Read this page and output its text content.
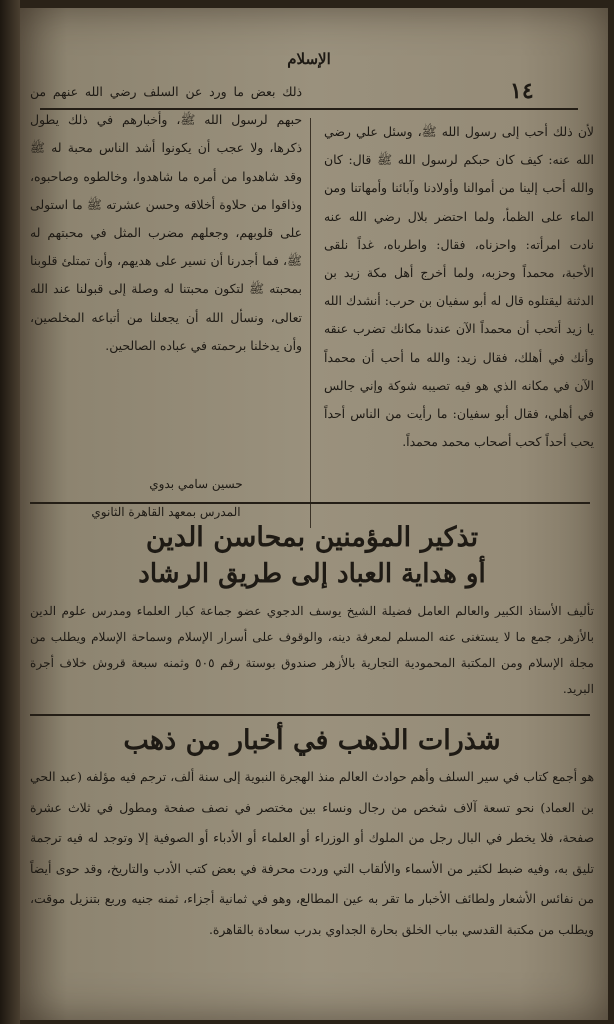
الإسلام
١٤

لأن ذلك أحب إلى رسول الله ﷺ، وسئل علي رضي الله عنه: كيف كان حبكم لرسول الله ﷺ قال: كان والله أحب إلينا من أموالنا وأولادنا وآبائنا وأمهاتنا ومن الماء على الظمأ، ولما احتضر بلال رضي الله عنه نادت امرأته: واحزناه، فقال: واطرباه، غداً نلقى الأحبة، محمداً وحزبه، ولما أخرج أهل مكة زيد بن الدثنة ليقتلوه قال له أبو سفيان بن حرب: أنشدك الله يا زيد أتحب أن محمداً الآن عندنا مكانك تضرب عنقه وأنك في أهلك، فقال زيد: والله ما أحب أن محمداً الآن في مكانه الذي هو فيه تصيبه شوكة وإني جالس في أهلي، فقال أبو سفيان: ما رأيت من الناس أحداً يحب أحداً كحب أصحاب محمد محمداً.

ذلك بعض ما ورد عن السلف رضي الله عنهم من حبهم لرسول الله ﷺ، وأخبارهم في ذلك يطول ذكرها، ولا عجب أن يكونوا أشد الناس محبة له ﷺ وقد شاهدوا من أمره ما شاهدوا، وخالطوه وصاحبوه، وذاقوا من حلاوة أخلاقه وحسن عشرته ﷺ ما استولى على قلوبهم، وجعلهم مضرب المثل في محبتهم له ﷺ، فما أجدرنا أن نسير على هديهم، وأن تمتلئ قلوبنا بمحبته ﷺ لتكون محبتنا له وصلة إلى قبولنا عند الله تعالى، ونسأل الله أن يجعلنا من أتباعه المخلصين، وأن يدخلنا برحمته في عباده الصالحين.

حسين سامي بدوي
المدرس بمعهد القاهرة الثانوي
تذكير المؤمنين بمحاسن الدين
أو هداية العباد إلى طريق الرشاد

تأليف الأستاذ الكبير والعالم العامل فضيلة الشيخ يوسف الدجوي عضو جماعة كبار العلماء ومدرس علوم الدين بالأزهر، جمع ما لا يستغنى عنه المسلم لمعرفة دينه، والوقوف على أسرار الإسلام وسماحة الإسلام ويطلب من مجلة الإسلام ومن المكتبة المحمودية التجارية بالأزهر صندوق بوستة رقم ٥٠٥ وثمنه سبعة قروش خلاف أجرة البريد.

شذرات الذهب في أخبار من ذهب

هو أجمع كتاب في سير السلف وأهم حوادث العالم منذ الهجرة النبوية إلى سنة ألف، ترجم فيه مؤلفه (عبد الحي بن العماد) نحو تسعة آلاف شخص من رجال ونساء بين مختصر في نصف صفحة ومطول في ثلاث عشرة صفحة، فلا يخطر في البال رجل من الملوك أو الوزراء أو العلماء أو الأدباء أو الصوفية إلا وتوجد له فيه ترجمة تليق به، وفيه ضبط لكثير من الأسماء والألقاب التي وردت محرفة في بعض كتب الأدب والتاريخ، وقد حوى أيضاً من نفائس الأشعار ولطائف الأخبار ما تقر به عين المطالع، وهو في ثمانية أجزاء، ثمنه جنيه وربع بتنزيل موقت، ويطلب من مكتبة القدسي بباب الخلق بحارة الجداوي بدرب سعادة بالقاهرة.
